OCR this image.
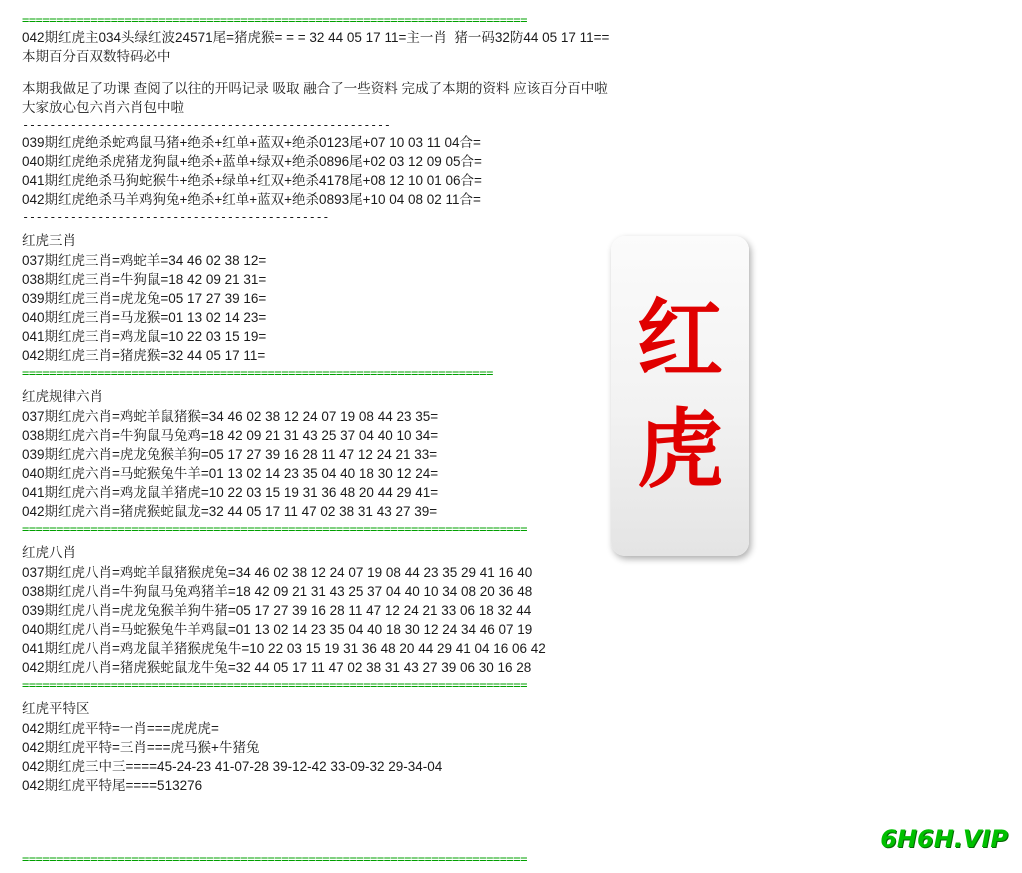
红
虎
==========================================================================
042期红虎主034头绿红波24571尾=猪虎猴= = = 32 44 05 17 11=主一肖  猪一码32防44 05 17 11==
本期百分百双数特码必中
本期我做足了功课 查阅了以往的开吗记录 吸取 融合了一些资料 完成了本期的资料 应该百分百中啦
大家放心包六肖六肖包中啦
------------------------------------------------------
039期红虎绝杀蛇鸡鼠马猪+绝杀+红单+蓝双+绝杀0123尾+07 10 03 11 04合=
040期红虎绝杀虎猪龙狗鼠+绝杀+蓝单+绿双+绝杀0896尾+02 03 12 09 05合=
041期红虎绝杀马狗蛇猴牛+绝杀+绿单+红双+绝杀4178尾+08 12 10 01 06合=
042期红虎绝杀马羊鸡狗兔+绝杀+红单+蓝双+绝杀0893尾+10 04 08 02 11合=
---------------------------------------------
红虎三肖
037期红虎三肖=鸡蛇羊=34 46 02 38 12=
038期红虎三肖=牛狗鼠=18 42 09 21 31=
039期红虎三肖=虎龙兔=05 17 27 39 16=
040期红虎三肖=马龙猴=01 13 02 14 23=
041期红虎三肖=鸡龙鼠=10 22 03 15 19=
042期红虎三肖=猪虎猴=32 44 05 17 11=
=====================================================================
红虎规律六肖
037期红虎六肖=鸡蛇羊鼠猪猴=34 46 02 38 12 24 07 19 08 44 23 35=
038期红虎六肖=牛狗鼠马兔鸡=18 42 09 21 31 43 25 37 04 40 10 34=
039期红虎六肖=虎龙兔猴羊狗=05 17 27 39 16 28 11 47 12 24 21 33=
040期红虎六肖=马蛇猴兔牛羊=01 13 02 14 23 35 04 40 18 30 12 24=
041期红虎六肖=鸡龙鼠羊猪虎=10 22 03 15 19 31 36 48 20 44 29 41=
042期红虎六肖=猪虎猴蛇鼠龙=32 44 05 17 11 47 02 38 31 43 27 39=
==========================================================================
红虎八肖
037期红虎八肖=鸡蛇羊鼠猪猴虎兔=34 46 02 38 12 24 07 19 08 44 23 35 29 41 16 40
038期红虎八肖=牛狗鼠马兔鸡猪羊=18 42 09 21 31 43 25 37 04 40 10 34 08 20 36 48
039期红虎八肖=虎龙兔猴羊狗牛猪=05 17 27 39 16 28 11 47 12 24 21 33 06 18 32 44
040期红虎八肖=马蛇猴兔牛羊鸡鼠=01 13 02 14 23 35 04 40 18 30 12 24 34 46 07 19
041期红虎八肖=鸡龙鼠羊猪猴虎兔牛=10 22 03 15 19 31 36 48 20 44 29 41 04 16 06 42
042期红虎八肖=猪虎猴蛇鼠龙牛兔=32 44 05 17 11 47 02 38 31 43 27 39 06 30 16 28
==========================================================================
红虎平特区
042期红虎平特=一肖===虎虎虎=
042期红虎平特=三肖===虎马猴+牛猪兔
042期红虎三中三====45-24-23 41-07-28 39-12-42 33-09-32 29-34-04
042期红虎平特尾====513276
==========================================================================
6H6H.VIP
